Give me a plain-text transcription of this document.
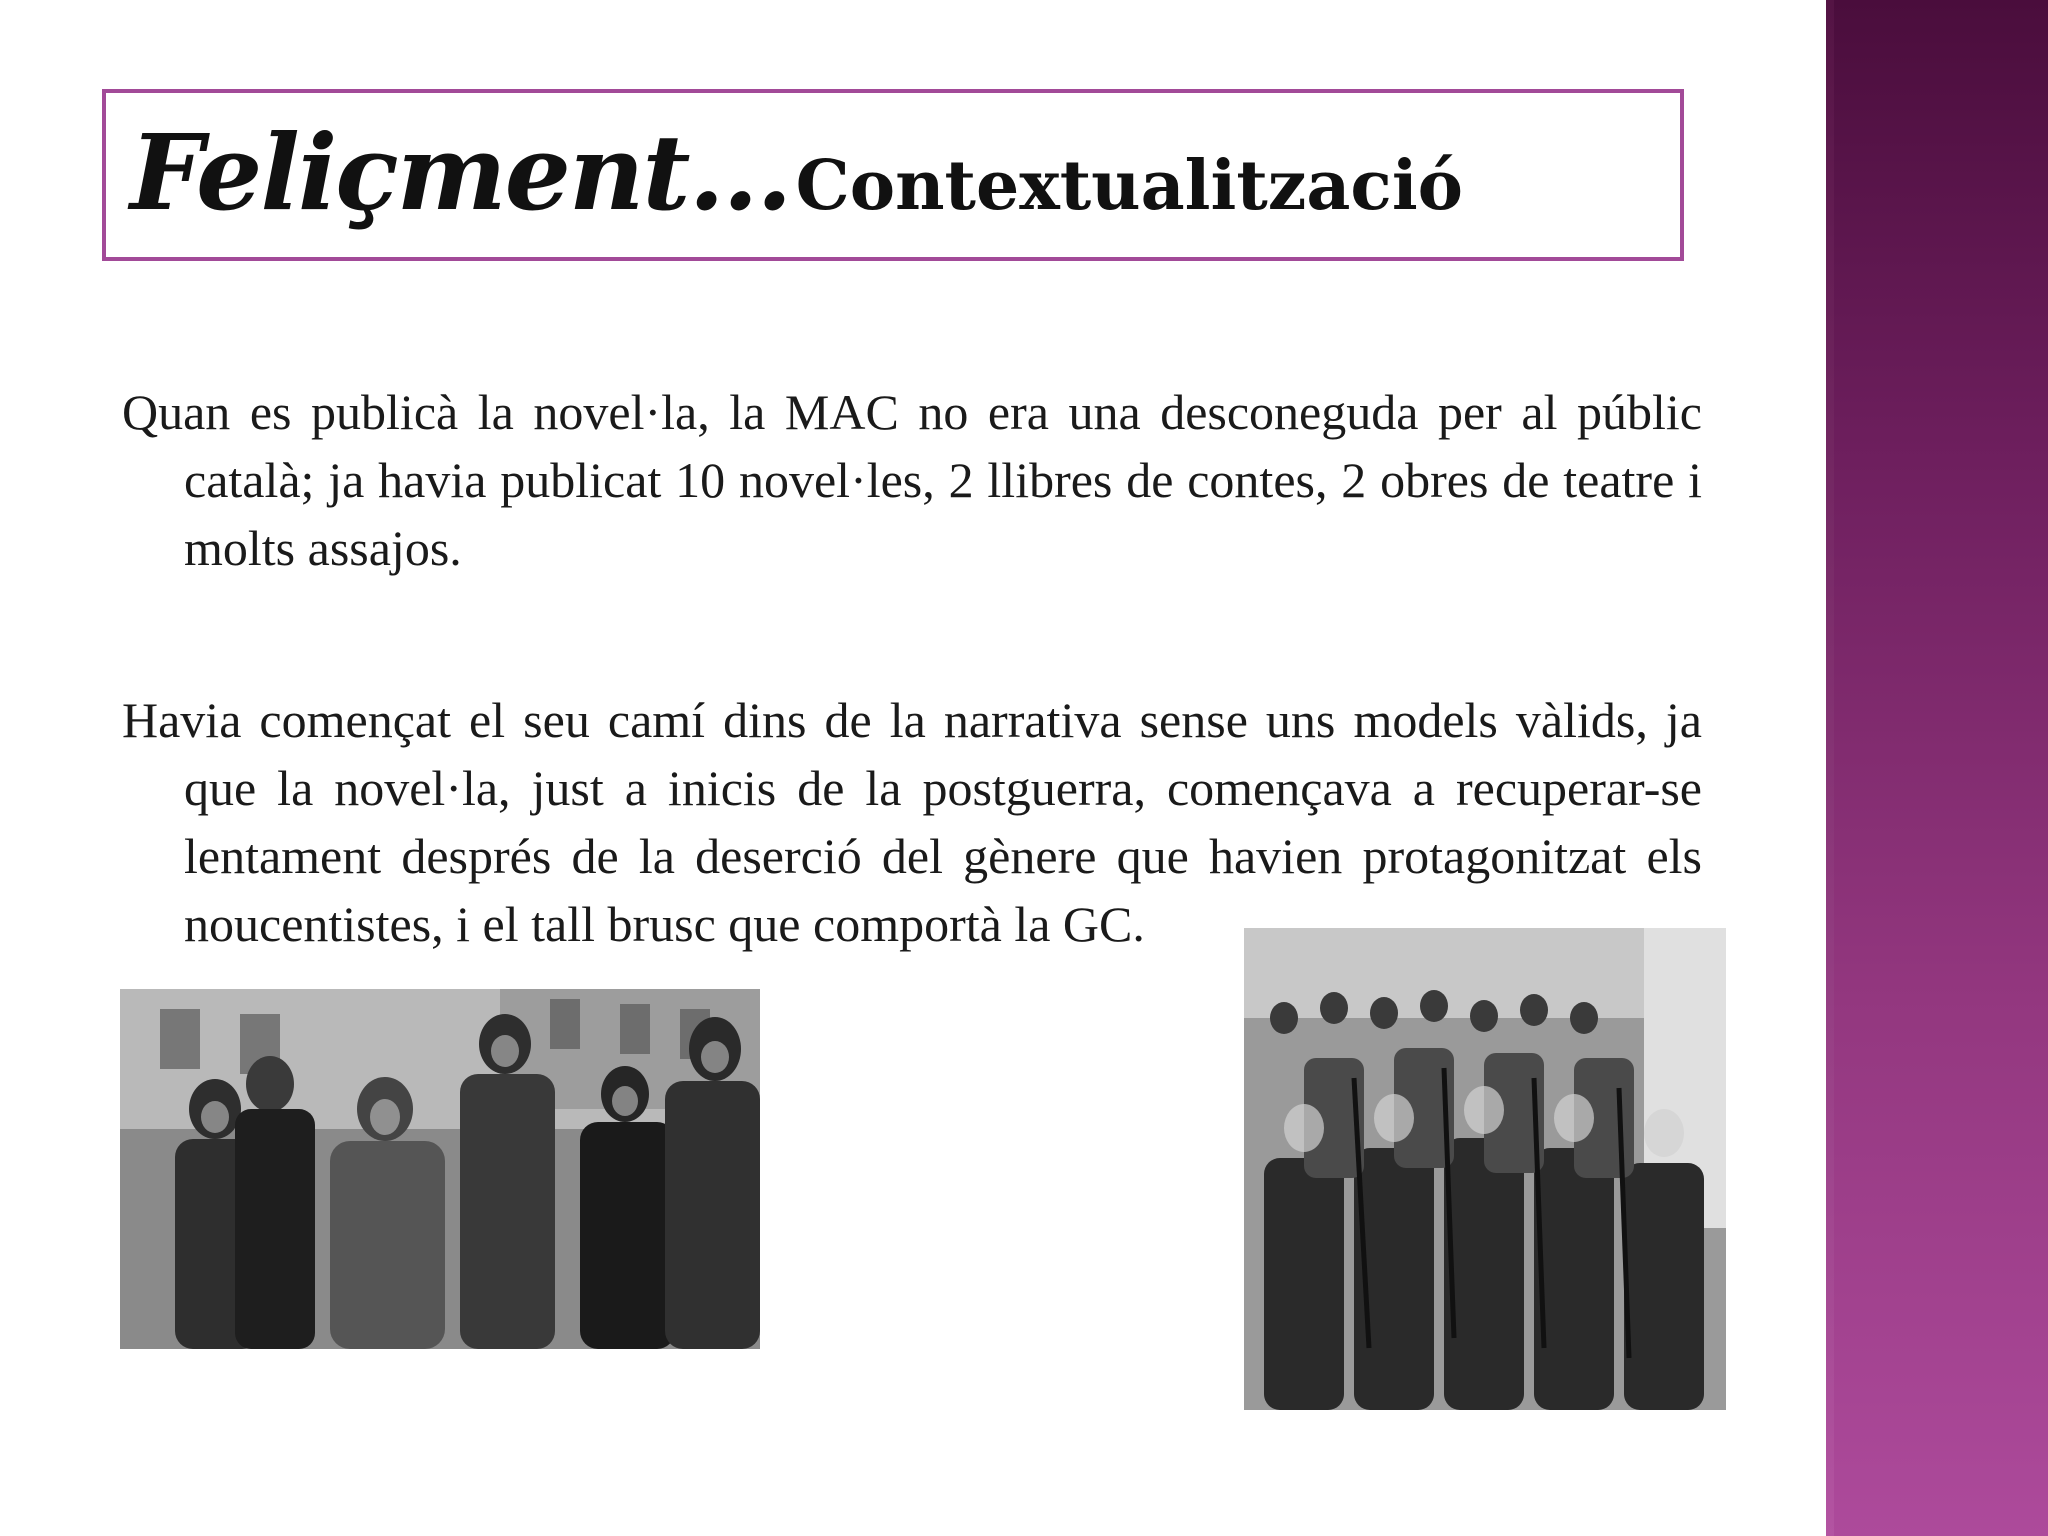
Feliçment… Contextualització

Quan es publicà la novel·la, la MAC no era una desconeguda per al públic català; ja havia publicat 10 novel·les, 2 llibres de contes, 2 obres de teatre i molts assajos.

Havia començat el seu camí dins de la narrativa sense uns models vàlids, ja que la novel·la, just a inicis de la postguerra, començava a recuperar-se lentament després de la deserció del gènere que havien protagonitzat els noucentistes, i el tall brusc que comportà la GC.
